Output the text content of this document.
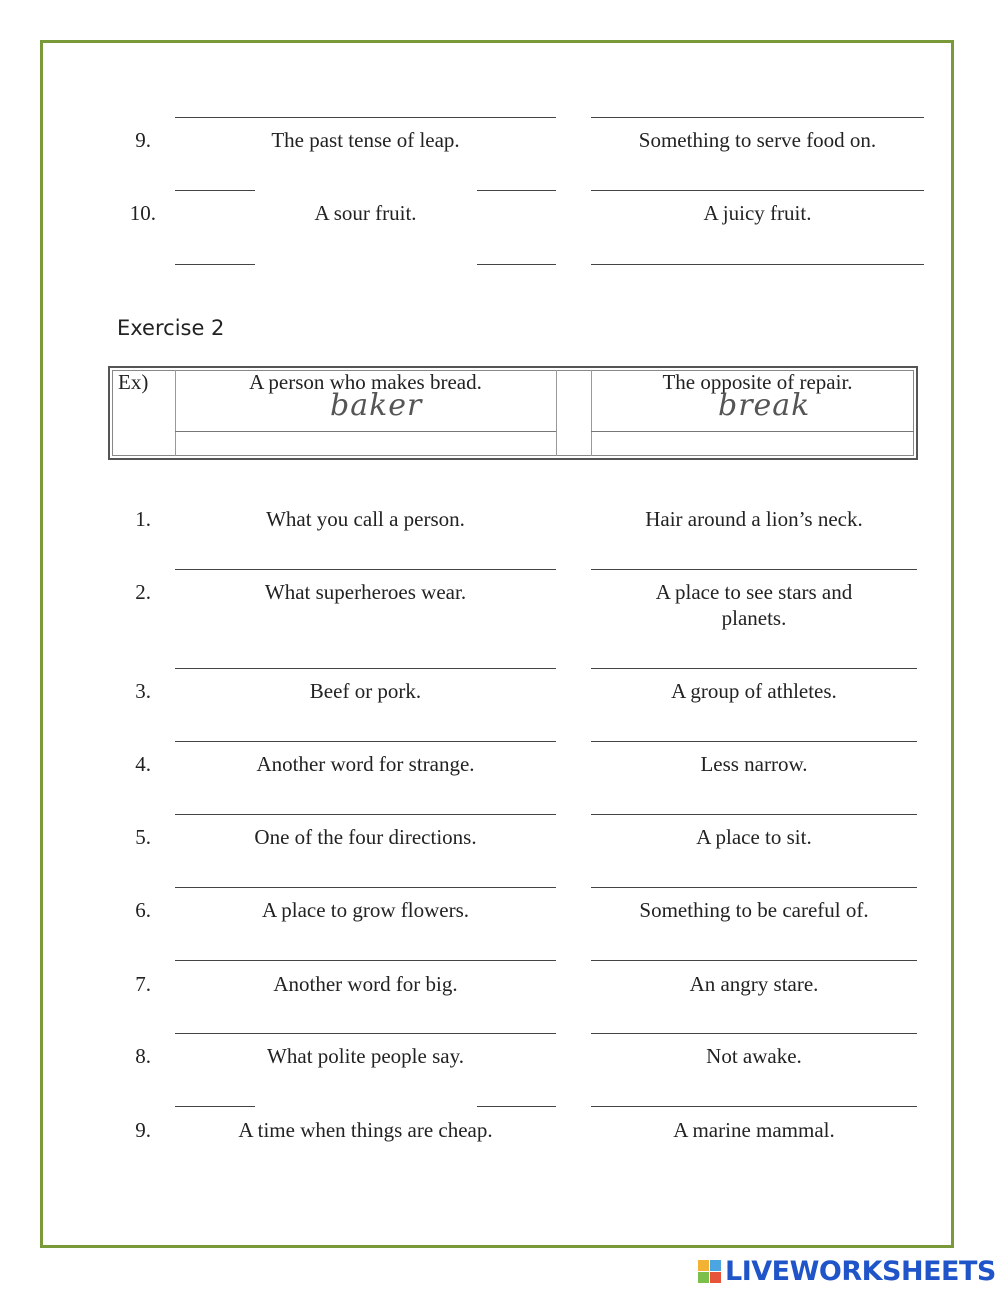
9.	The past tense of leap.	Something to serve food on.
10.	A sour fruit.	A juicy fruit.
Exercise 2
Ex)	A person who makes bread.	The opposite of repair.
baker	break
1.	What you call a person.	Hair around a lion’s neck.
2.	What superheroes wear.	A place to see stars and
planets.
3.	Beef or pork.	A group of athletes.
4.	Another word for strange.	Less narrow.
5.	One of the four directions.	A place to sit.
6.	A place to grow flowers.	Something to be careful of.
7.	Another word for big.	An angry stare.
8.	What polite people say.	Not awake.
9.	A time when things are cheap.	A marine mammal.
LIVEWORKSHEETS
